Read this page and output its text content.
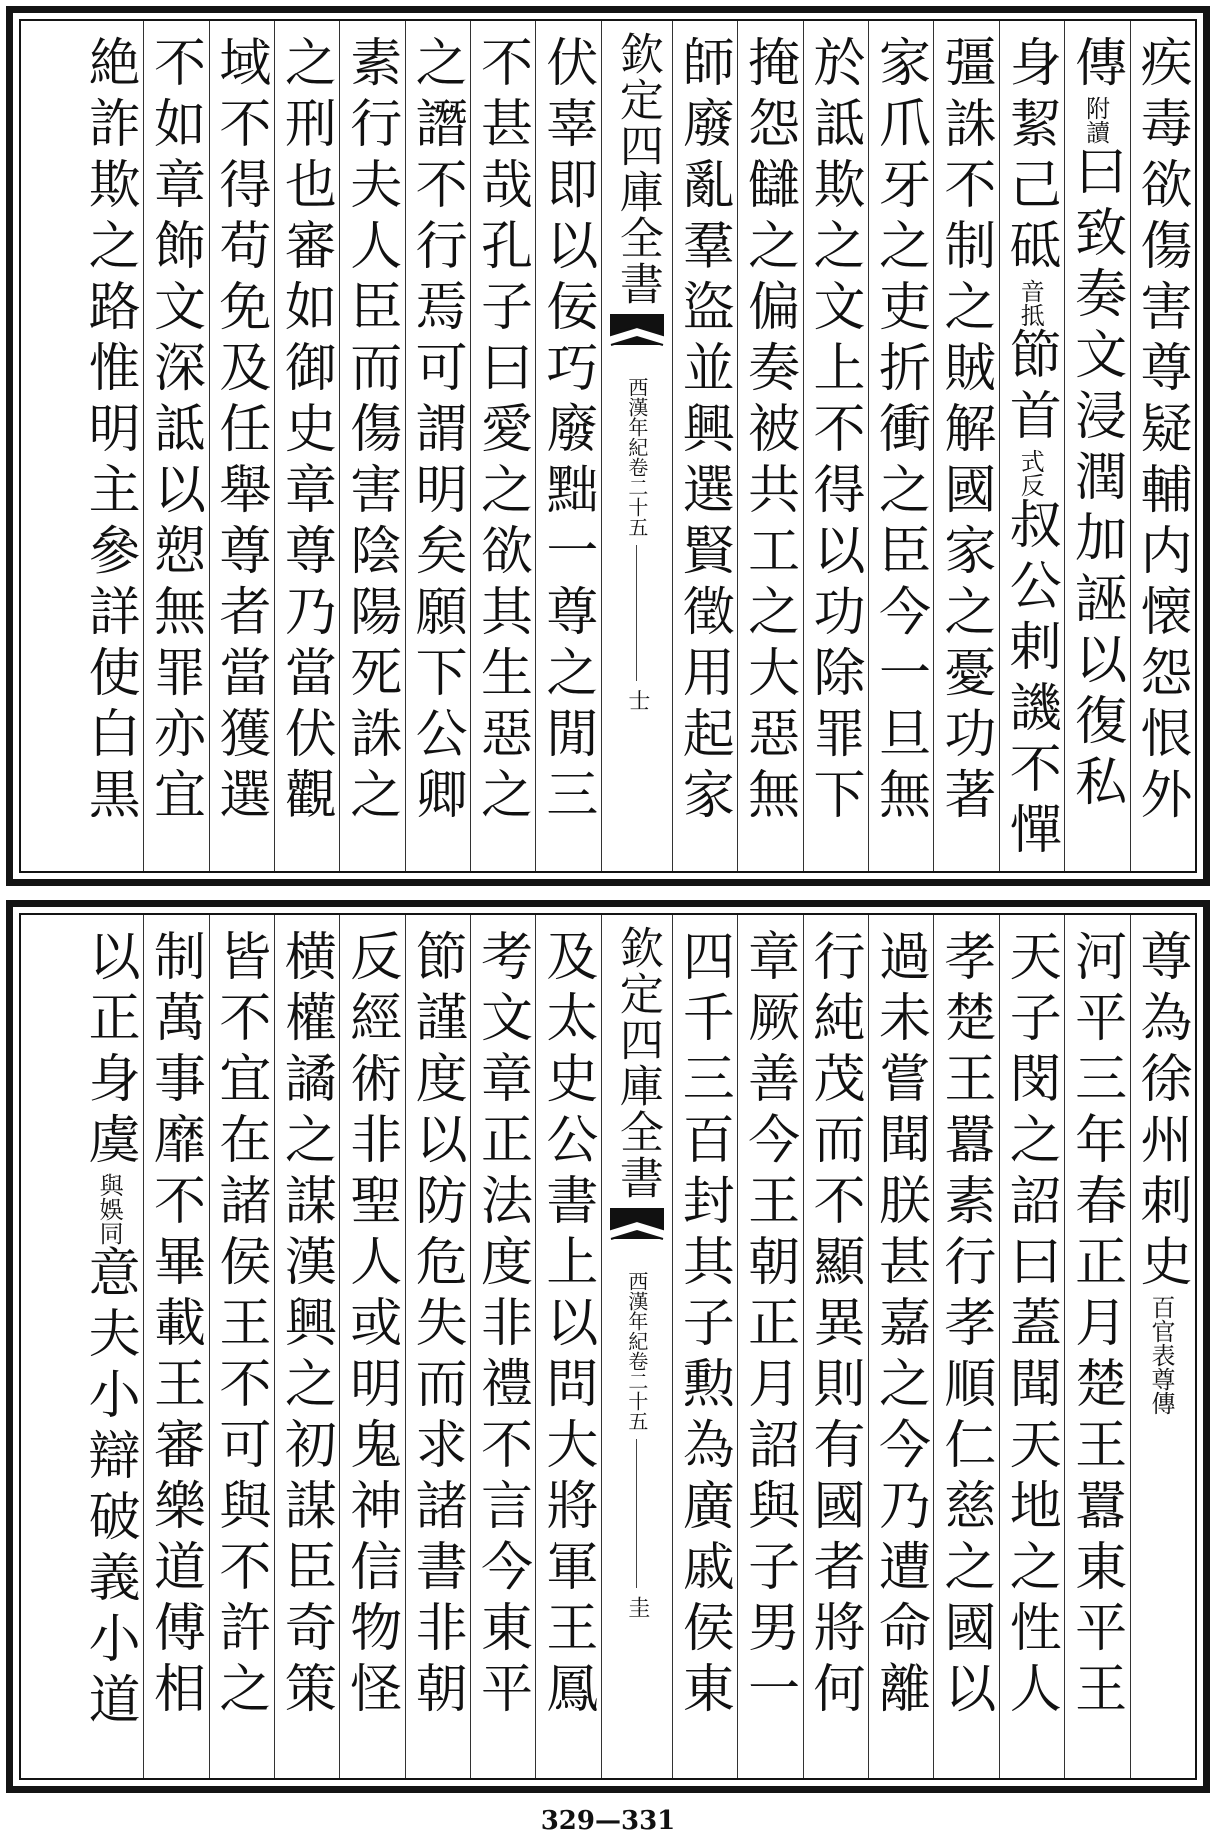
疾毒欲傷害尊疑輔内懐怨恨外
傳附讀曰致奏文浸潤加誣以復私
身絜己砥音抵節首式反叔公剌譏不憚
彊誅不制之賊解國家之憂功著
家爪牙之吏折衝之臣今一旦無
於詆欺之文上不得以功除罪下
掩怨讎之偏奏被共工之大惡無
師廢亂羣盜並興選賢徵用起家
欽定四庫全書
西漢年紀卷二十五
士
伏辜即以佞巧廢黜一尊之閒三
不甚哉孔子曰愛之欲其生惡之
之譖不行焉可謂明矣願下公卿
素行夫人臣而傷害陰陽死誅之
之刑也審如御史章尊乃當伏觀
域不得苟免及任舉尊者當獲選
不如章飾文深詆以愬無罪亦宜
絶詐欺之路惟明主參詳使白黒
尊為徐州刺史百官表尊傳
河平三年春正月楚王囂東平王
天子閔之詔曰蓋聞天地之性人
孝楚王囂素行孝順仁慈之國以
過未嘗聞朕甚嘉之今乃遭命離
行純茂而不顯異則有國者將何
章厥善今王朝正月詔與子男一
四千三百封其子勲為廣戚侯東
欽定四庫全書
西漢年紀卷二十五
圭
及太史公書上以問大將軍王鳳
考文章正法度非禮不言今東平
節謹度以防危失而求諸書非朝
反經術非聖人或明鬼神信物怪
横權譎之謀漢興之初謀臣奇策
皆不宜在諸侯王不可與不許之
制萬事靡不畢載王審樂道傅相
以正身虞與娛同意夫小辯破義小道
329—331
